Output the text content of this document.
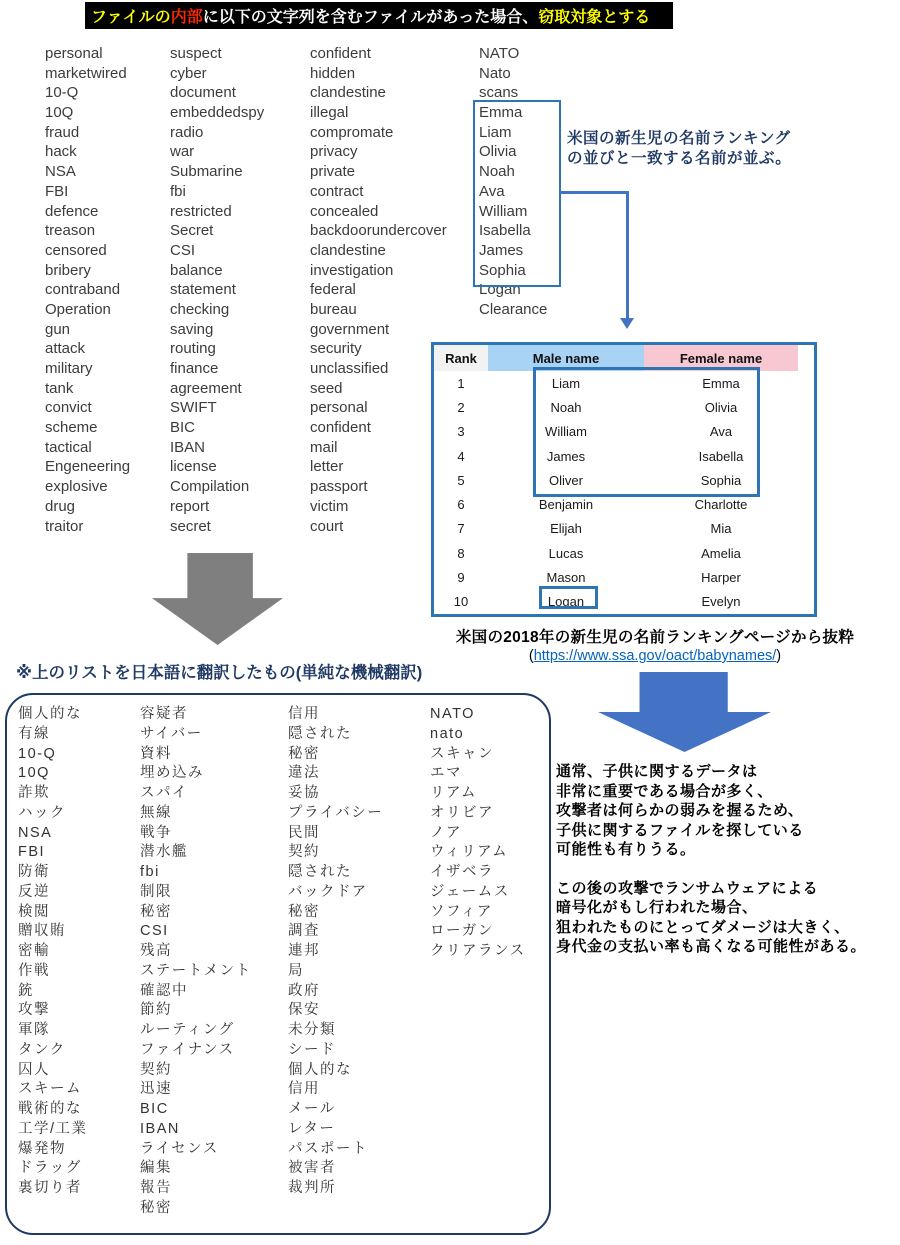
ファイルの 内部 に以下の文字列を含むファイルがあった場合、 窃取対象とする
personal
marketwired
10-Q
10Q
fraud
hack
NSA
FBI
defence
treason
censored
bribery
contraband
Operation
gun
attack
military
tank
convict
scheme
tactical
Engeneering
explosive
drug
traitor
suspect
cyber
document
embeddedspy
radio
war
Submarine
fbi
restricted
Secret
CSI
balance
statement
checking
saving
routing
finance
agreement
SWIFT
BIC
IBAN
license
Compilation
report
secret
confident
hidden
clandestine
illegal
compromate
privacy
private
contract
concealed
backdoorundercover
clandestine
investigation
federal
bureau
government
security
unclassified
seed
personal
confident
mail
letter
passport
victim
court
NATO
Nato
scans
Emma
Liam
Olivia
Noah
Ava
William
Isabella
James
Sophia
Logan
Clearance
米国の新生児の名前ランキング
の並びと一致する名前が並ぶ。
Rank	Male name	Female name
1	Liam	Emma
2	Noah	Olivia
3	William	Ava
4	James	Isabella
5	Oliver	Sophia
6	Benjamin	Charlotte
7	Elijah	Mia
8	Lucas	Amelia
9	Mason	Harper
10	Logan	Evelyn
米国の2018年の新生児の名前ランキングページから抜粋
(https://www.ssa.gov/oact/babynames/)
※上のリストを日本語に翻訳したもの(単純な機械翻訳)
個人的な
有線
10-Q
10Q
詐欺
ハック
NSA
FBI
防衛
反逆
検閲
贈収賄
密輸
作戦
銃
攻撃
軍隊
タンク
囚人
スキーム
戦術的な
工学/工業
爆発物
ドラッグ
裏切り者
容疑者
サイバー
資料
埋め込み
スパイ
無線
戦争
潜水艦
fbi
制限
秘密
CSI
残高
ステートメント
確認中
節約
ルーティング
ファイナンス
契約
迅速
BIC
IBAN
ライセンス
編集
報告
秘密
信用
隠された
秘密
違法
妥協
プライバシー
民間
契約
隠された
バックドア
秘密
調査
連邦
局
政府
保安
未分類
シード
個人的な
信用
メール
レター
パスポート
被害者
裁判所
NATO
nato
スキャン
エマ
リアム
オリビア
ノア
ウィリアム
イザベラ
ジェームス
ソフィア
ローガン
クリアランス
通常、子供に関するデータは
非常に重要である場合が多く、
攻撃者は何らかの弱みを握るため、
子供に関するファイルを探している
可能性も有りうる。
この後の攻撃でランサムウェアによる
暗号化がもし行われた場合、
狙われたものにとってダメージは大きく、
身代金の支払い率も高くなる可能性がある。
